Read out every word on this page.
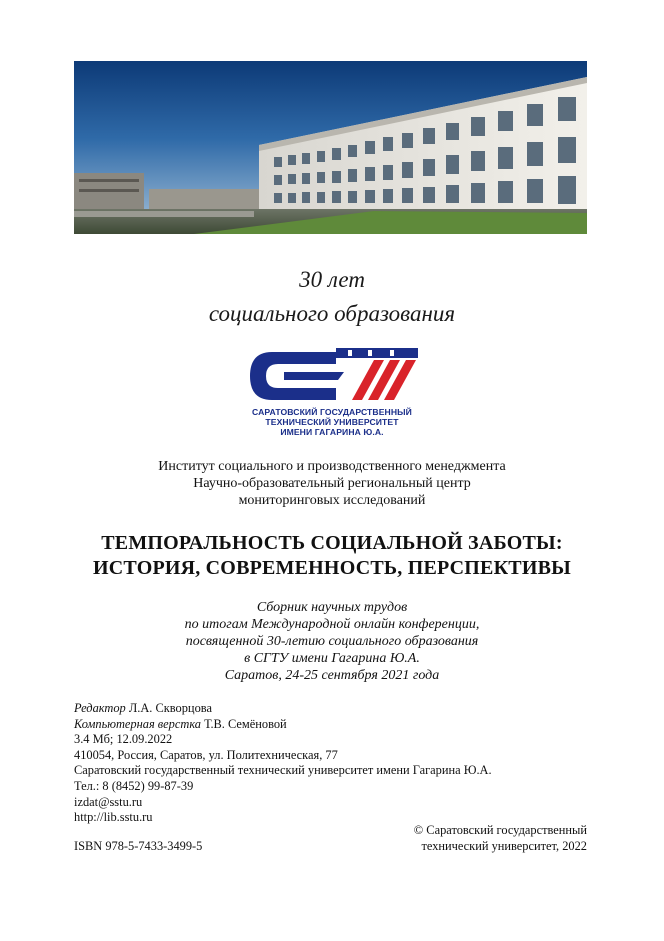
30 лет
социального образования
САРАТОВСКИЙ ГОСУДАРСТВЕННЫЙ
ТЕХНИЧЕСКИЙ УНИВЕРСИТЕТ
ИМЕНИ ГАГАРИНА Ю.А.
Институт социального и производственного менеджмента
Научно-образовательный региональный центр
мониторинговых исследований
ТЕМПОРАЛЬНОСТЬ СОЦИАЛЬНОЙ ЗАБОТЫ:
ИСТОРИЯ, СОВРЕМЕННОСТЬ, ПЕРСПЕКТИВЫ
Сборник научных трудов
по итогам Международной онлайн конференции,
посвященной 30-летию социального образования
в СГТУ имени Гагарина Ю.А.
Саратов, 24-25 сентября 2021 года
Редактор Л.А. Скворцова
Компьютерная верстка Т.В. Семёновой
3.4 Мб; 12.09.2022
410054, Россия, Саратов, ул. Политехническая, 77
Саратовский государственный технический университет имени Гагарина Ю.А.
Тел.: 8 (8452) 99-87-39
izdat@sstu.ru
http://lib.sstu.ru
© Саратовский государственный
технический университет, 2022
ISBN 978-5-7433-3499-5
